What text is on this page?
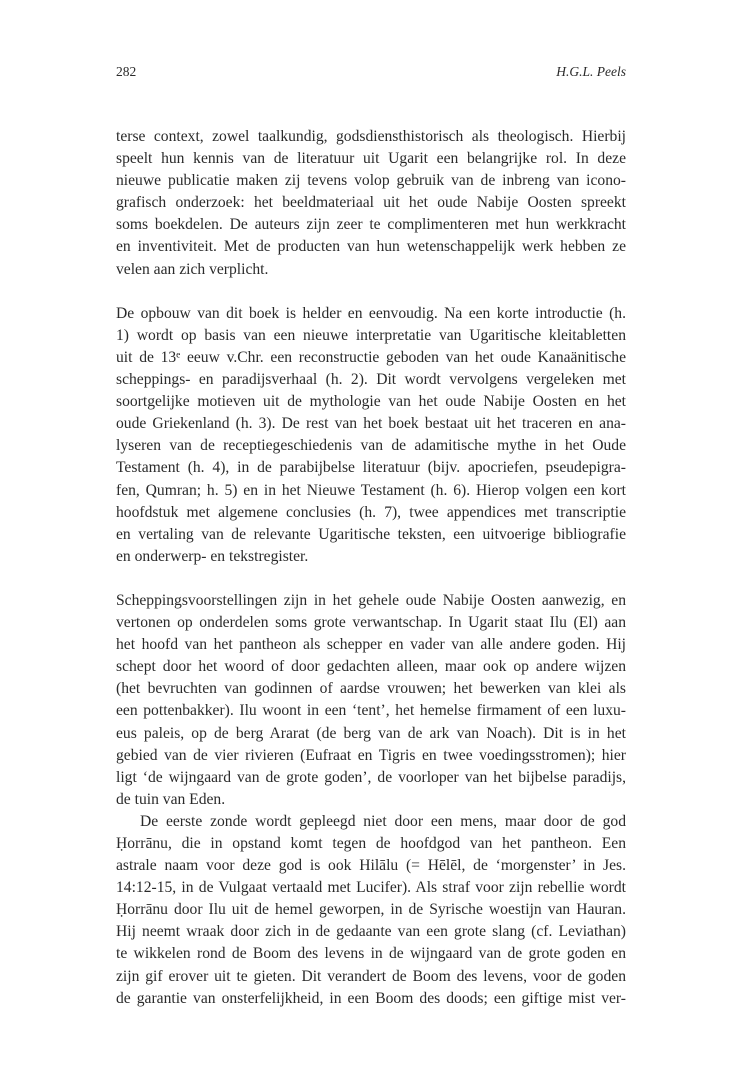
282	H.G.L. Peels
terse context, zowel taalkundig, godsdiensthistorisch als theologisch. Hierbij
speelt hun kennis van de literatuur uit Ugarit een belangrijke rol. In deze
nieuwe publicatie maken zij tevens volop gebruik van de inbreng van icono-
grafisch onderzoek: het beeldmateriaal uit het oude Nabije Oosten spreekt
soms boekdelen. De auteurs zijn zeer te complimenteren met hun werkkracht
en inventiviteit. Met de producten van hun wetenschappelijk werk hebben ze
velen aan zich verplicht.
De opbouw van dit boek is helder en eenvoudig. Na een korte introductie (h.
1) wordt op basis van een nieuwe interpretatie van Ugaritische kleitabletten
uit de 13ᵉ eeuw v.Chr. een reconstructie geboden van het oude Kanaänitische
scheppings- en paradijsverhaal (h. 2). Dit wordt vervolgens vergeleken met
soortgelijke motieven uit de mythologie van het oude Nabije Oosten en het
oude Griekenland (h. 3). De rest van het boek bestaat uit het traceren en ana-
lyseren van de receptiegeschiedenis van de adamitische mythe in het Oude
Testament (h. 4), in de parabijbelse literatuur (bijv. apocriefen, pseudepigra-
fen, Qumran; h. 5) en in het Nieuwe Testament (h. 6). Hierop volgen een kort
hoofdstuk met algemene conclusies (h. 7), twee appendices met transcriptie
en vertaling van de relevante Ugaritische teksten, een uitvoerige bibliografie
en onderwerp- en tekstregister.
Scheppingsvoorstellingen zijn in het gehele oude Nabije Oosten aanwezig, en
vertonen op onderdelen soms grote verwantschap. In Ugarit staat Ilu (El) aan
het hoofd van het pantheon als schepper en vader van alle andere goden. Hij
schept door het woord of door gedachten alleen, maar ook op andere wijzen
(het bevruchten van godinnen of aardse vrouwen; het bewerken van klei als
een pottenbakker). Ilu woont in een ‘tent’, het hemelse firmament of een luxu-
eus paleis, op de berg Ararat (de berg van de ark van Noach). Dit is in het
gebied van de vier rivieren (Eufraat en Tigris en twee voedingsstromen); hier
ligt ‘de wijngaard van de grote goden’, de voorloper van het bijbelse paradijs,
de tuin van Eden.
De eerste zonde wordt gepleegd niet door een mens, maar door de god
Ḥorrānu, die in opstand komt tegen de hoofdgod van het pantheon. Een
astrale naam voor deze god is ook Hilālu (= Hēlēl, de ‘morgenster’ in Jes.
14:12-15, in de Vulgaat vertaald met Lucifer). Als straf voor zijn rebellie wordt
Ḥorrānu door Ilu uit de hemel geworpen, in de Syrische woestijn van Hauran.
Hij neemt wraak door zich in de gedaante van een grote slang (cf. Leviathan)
te wikkelen rond de Boom des levens in de wijngaard van de grote goden en
zijn gif erover uit te gieten. Dit verandert de Boom des levens, voor de goden
de garantie van onsterfelijkheid, in een Boom des doods; een giftige mist ver-
